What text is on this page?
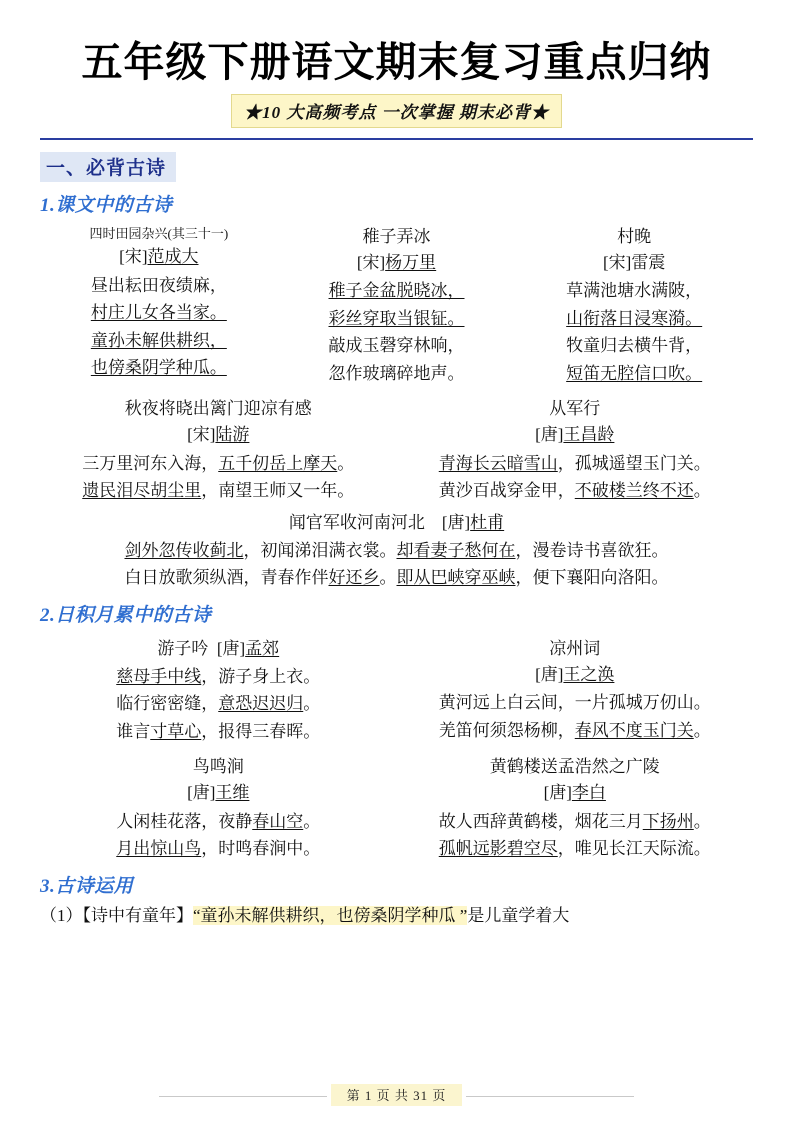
五年级下册语文期末复习重点归纳
★10 大高频考点 一次掌握 期末必背★
一、必背古诗
1.课文中的古诗
四时田园杂兴(其三十一)
[宋]范成大
昼出耘田夜绩麻，
村庄儿女各当家。
童孙未解供耕织，
也傍桑阴学种瓜。
稚子弄冰
[宋]杨万里
稚子金盆脱晓冰，
彩丝穿取当银钲。
敲成玉磬穿林响，
忽作玻璃碎地声。
村晚
[宋]雷震
草满池塘水满陂，
山衔落日浸寒漪。
牧童归去横牛背，
短笛无腔信口吹。
秋夜将晓出篱门迎凉有感
[宋]陆游
三万里河东入海，五千仞岳上摩天。
遗民泪尽胡尘里，南望王师又一年。
从军行
[唐]王昌龄
青海长云暗雪山，孤城遥望玉门关。
黄沙百战穿金甲，不破楼兰终不还。
闻官军收河南河北    [唐]杜甫
剑外忽传收蓟北，初闻涕泪满衣裳。却看妻子愁何在，漫卷诗书喜欲狂。
白日放歌须纵酒，青春作伴好还乡。即从巴峡穿巫峡，便下襄阳向洛阳。
2.日积月累中的古诗
游子吟  [唐]孟郊
慈母手中线，游子身上衣。
临行密密缝，意恐迟迟归。
谁言寸草心，报得三春晖。
凉州词
[唐]王之涣
黄河远上白云间，一片孤城万仞山。
羌笛何须怨杨柳，春风不度玉门关。
鸟鸣涧
[唐]王维
人闲桂花落，夜静春山空。
月出惊山鸟，时鸣春涧中。
黄鹤楼送孟浩然之广陵
[唐]李白
故人西辞黄鹤楼，烟花三月下扬州。
孤帆远影碧空尽，唯见长江天际流。
3.古诗运用
（1）【诗中有童年】“童孙未解供耕织，也傍桑阴学种瓜 ”是儿童学着大
第 1 页 共 31 页
